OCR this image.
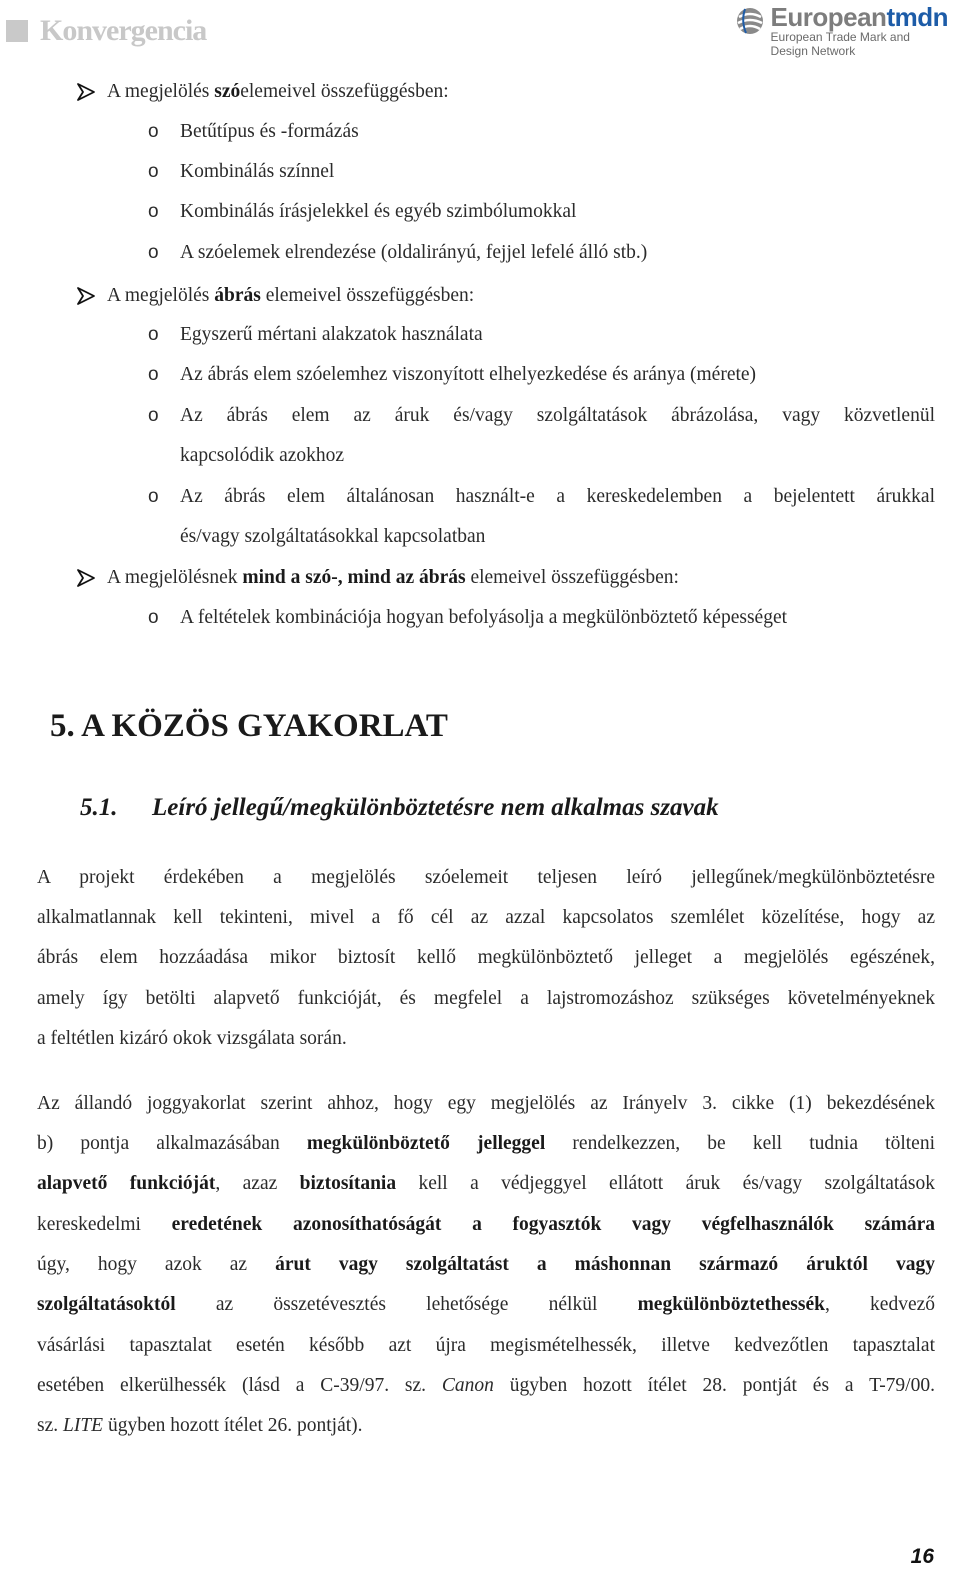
Konvergencia	Europeantmdn
European Trade Mark and
Design Network
A megjelölés szóelemeivel összefüggésben:
o Betűtípus és -formázás
o Kombinálás színnel
o Kombinálás írásjelekkel és egyéb szimbólumokkal
o A szóelemek elrendezése (oldalirányú, fejjel lefelé álló stb.)
A megjelölés ábrás elemeivel összefüggésben:
o Egyszerű mértani alakzatok használata
o Az ábrás elem szóelemhez viszonyított elhelyezkedése és aránya (mérete)
o Az ábrás elem az áruk és/vagy szolgáltatások ábrázolása, vagy közvetlenül
kapcsolódik azokhoz
o Az ábrás elem általánosan használt-e a kereskedelemben a bejelentett árukkal
és/vagy szolgáltatásokkal kapcsolatban
A megjelölésnek mind a szó-, mind az ábrás elemeivel összefüggésben:
o A feltételek kombinációja hogyan befolyásolja a megkülönböztető képességet
5. A KÖZÖS GYAKORLAT
5.1. Leíró jellegű/megkülönböztetésre nem alkalmas szavak
A projekt érdekében a megjelölés szóelemeit teljesen leíró jellegűnek/megkülönböztetésre
alkalmatlannak kell tekinteni, mivel a fő cél az azzal kapcsolatos szemlélet közelítése, hogy az
ábrás elem hozzáadása mikor biztosít kellő megkülönböztető jelleget a megjelölés egészének,
amely így betölti alapvető funkcióját, és megfelel a lajstromozáshoz szükséges követelményeknek
a feltétlen kizáró okok vizsgálata során.
Az állandó joggyakorlat szerint ahhoz, hogy egy megjelölés az Irányelv 3. cikke (1) bekezdésének
b) pontja alkalmazásában megkülönböztető jelleggel rendelkezzen, be kell tudnia tölteni
alapvető funkcióját, azaz biztosítania kell a védjeggyel ellátott áruk és/vagy szolgáltatások
kereskedelmi eredetének azonosíthatóságát a fogyasztók vagy végfelhasználók számára
úgy, hogy azok az árut vagy szolgáltatást a máshonnan származó áruktól vagy
szolgáltatásoktól az összetévesztés lehetősége nélkül megkülönböztethessék, kedvező
vásárlási tapasztalat esetén később azt újra megismételhessék, illetve kedvezőtlen tapasztalat
esetében elkerülhessék (lásd a C-39/97. sz. Canon ügyben hozott ítélet 28. pontját és a T-79/00.
sz. LITE ügyben hozott ítélet 26. pontját).
16
